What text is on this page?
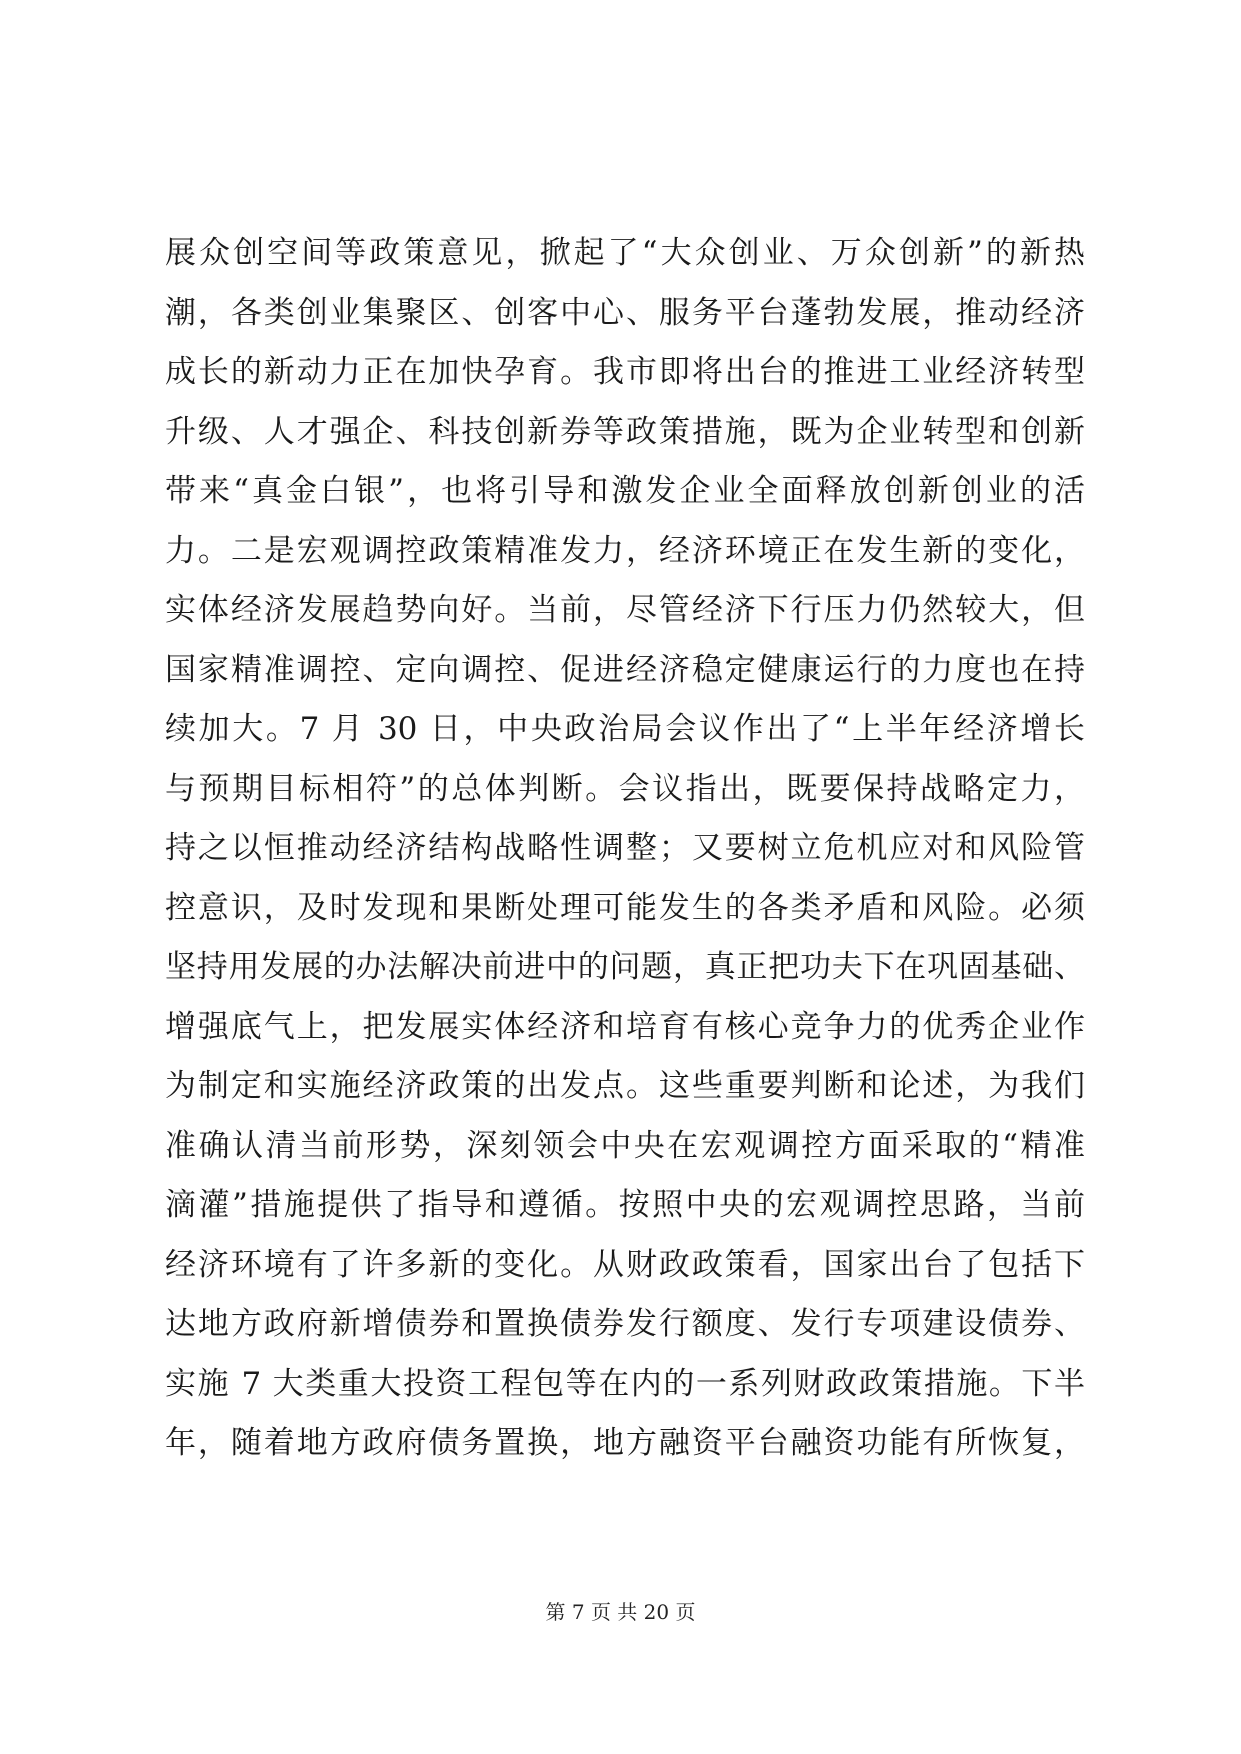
展众创空间等政策意见，掀起了“大众创业、万众创新”的新热
潮，各类创业集聚区、创客中心、服务平台蓬勃发展，推动经济
成长的新动力正在加快孕育。我市即将出台的推进工业经济转型
升级、人才强企、科技创新券等政策措施，既为企业转型和创新
带来“真金白银”，也将引导和激发企业全面释放创新创业的活
力。二是宏观调控政策精准发力，经济环境正在发生新的变化，
实体经济发展趋势向好。当前，尽管经济下行压力仍然较大，但
国家精准调控、定向调控、促进经济稳定健康运行的力度也在持
续加大。7 月 30 日，中央政治局会议作出了“上半年经济增长
与预期目标相符”的总体判断。会议指出，既要保持战略定力，
持之以恒推动经济结构战略性调整；又要树立危机应对和风险管
控意识，及时发现和果断处理可能发生的各类矛盾和风险。必须
坚持用发展的办法解决前进中的问题，真正把功夫下在巩固基础、
增强底气上，把发展实体经济和培育有核心竞争力的优秀企业作
为制定和实施经济政策的出发点。这些重要判断和论述，为我们
准确认清当前形势，深刻领会中央在宏观调控方面采取的“精准
滴灌”措施提供了指导和遵循。按照中央的宏观调控思路，当前
经济环境有了许多新的变化。从财政政策看，国家出台了包括下
达地方政府新增债券和置换债券发行额度、发行专项建设债券、
实施 7 大类重大投资工程包等在内的一系列财政政策措施。下半
年，随着地方政府债务置换，地方融资平台融资功能有所恢复，
第 7 页 共 20 页
